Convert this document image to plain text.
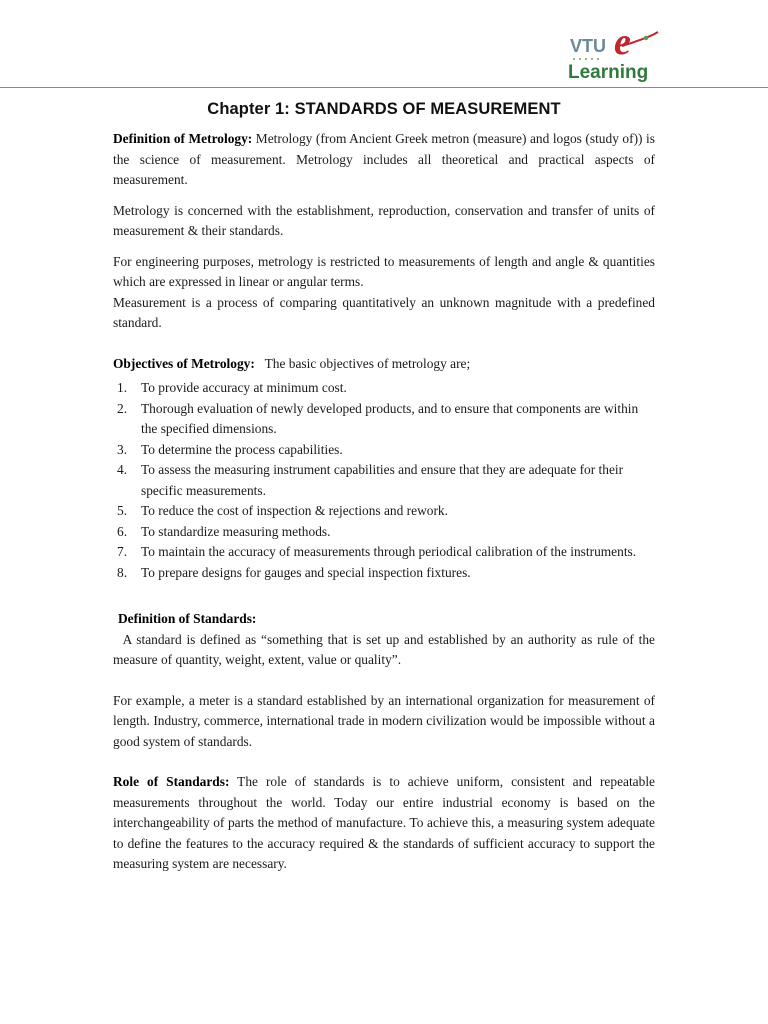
VTU e
Learning
Chapter 1: STANDARDS OF MEASUREMENT

Definition of Metrology: Metrology (from Ancient Greek metron (measure) and logos (study of)) is the science of measurement. Metrology includes all theoretical and practical aspects of measurement.

Metrology is concerned with the establishment, reproduction, conservation and transfer of units of measurement & their standards.

For engineering purposes, metrology is restricted to measurements of length and angle & quantities which are expressed in linear or angular terms.

Measurement is a process of comparing quantitatively an unknown magnitude with a predefined standard.

Objectives of Metrology:   The basic objectives of metrology are;

1. To provide accuracy at minimum cost.
2. Thorough evaluation of newly developed products, and to ensure that components are within the specified dimensions.
3. To determine the process capabilities.
4. To assess the measuring instrument capabilities and ensure that they are adequate for their specific measurements.
5. To reduce the cost of inspection & rejections and rework.
6. To standardize measuring methods.
7. To maintain the accuracy of measurements through periodical calibration of the instruments.
8. To prepare designs for gauges and special inspection fixtures.

Definition of Standards:

A standard is defined as “something that is set up and established by an authority as rule of the measure of quantity, weight, extent, value or quality”.

For example, a meter is a standard established by an international organization for measurement of length. Industry, commerce, international trade in modern civilization would be impossible without a good system of standards.

Role of Standards: The role of standards is to achieve uniform, consistent and repeatable measurements throughout the world. Today our entire industrial economy is based on the interchangeability of parts the method of manufacture. To achieve this, a measuring system adequate to define the features to the accuracy required & the standards of sufficient accuracy to support the measuring system are necessary.
